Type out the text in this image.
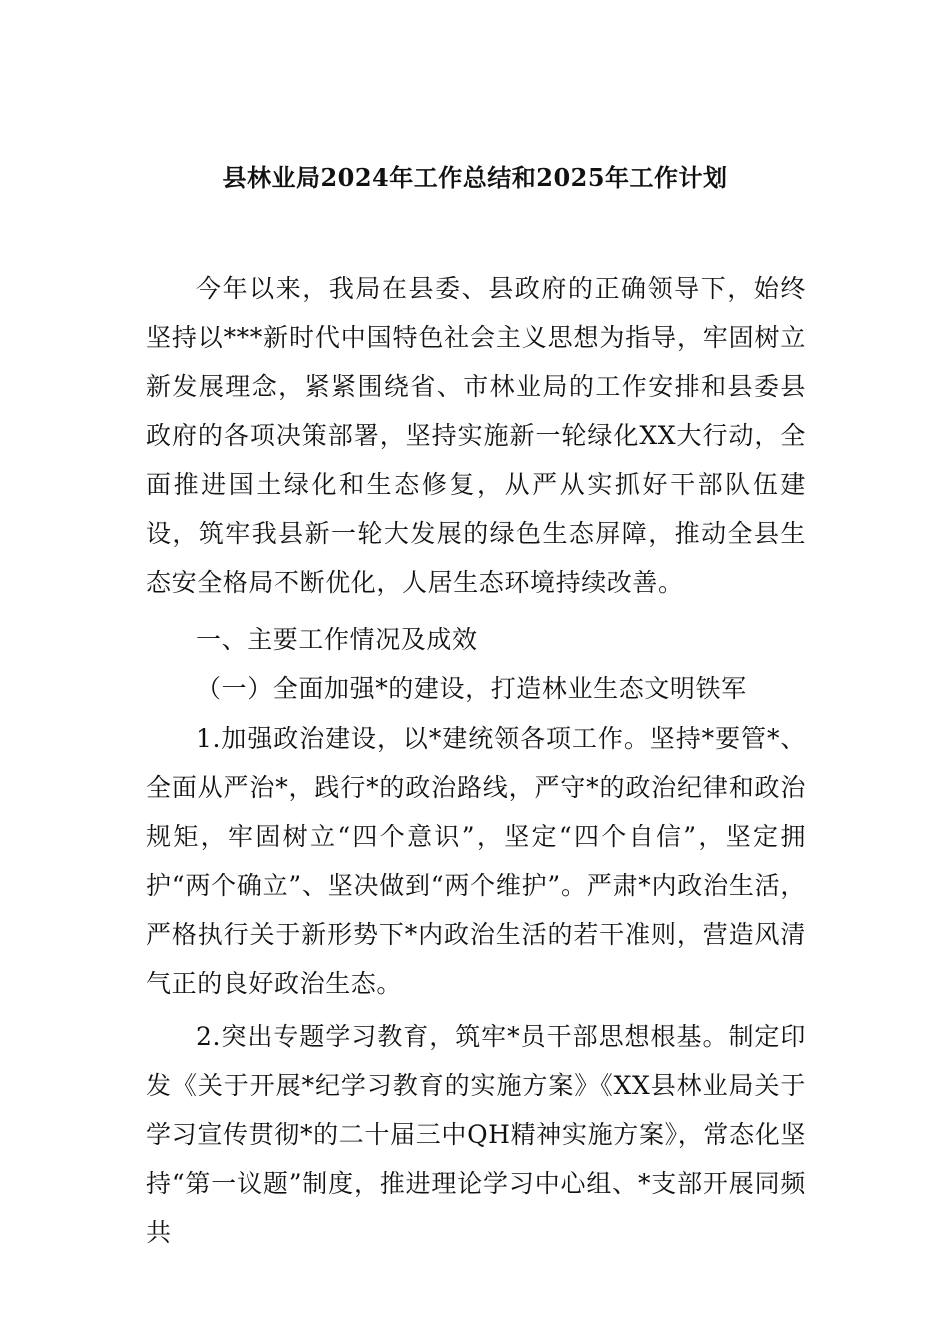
县林业局2024年工作总结和2025年工作计划

今年以来，我局在县委、县政府的正确领导下，始终坚持以***新时代中国特色社会主义思想为指导，牢固树立新发展理念，紧紧围绕省、市林业局的工作安排和县委县政府的各项决策部署，坚持实施新一轮绿化XX大行动，全面推进国土绿化和生态修复，从严从实抓好干部队伍建设，筑牢我县新一轮大发展的绿色生态屏障，推动全县生态安全格局不断优化，人居生态环境持续改善。

一、主要工作情况及成效

（一）全面加强*的建设，打造林业生态文明铁军

1.加强政治建设，以*建统领各项工作。坚持*要管*、全面从严治*，践行*的政治路线，严守*的政治纪律和政治规矩，牢固树立“四个意识”，坚定“四个自信”，坚定拥护“两个确立”、坚决做到“两个维护”。严肃*内政治生活，严格执行关于新形势下*内政治生活的若干准则，营造风清气正的良好政治生态。

2.突出专题学习教育，筑牢*员干部思想根基。制定印发《关于开展*纪学习教育的实施方案》《XX县林业局关于学习宣传贯彻*的二十届三中QH精神实施方案》，常态化坚持“第一议题”制度，推进理论学习中心组、*支部开展同频共
